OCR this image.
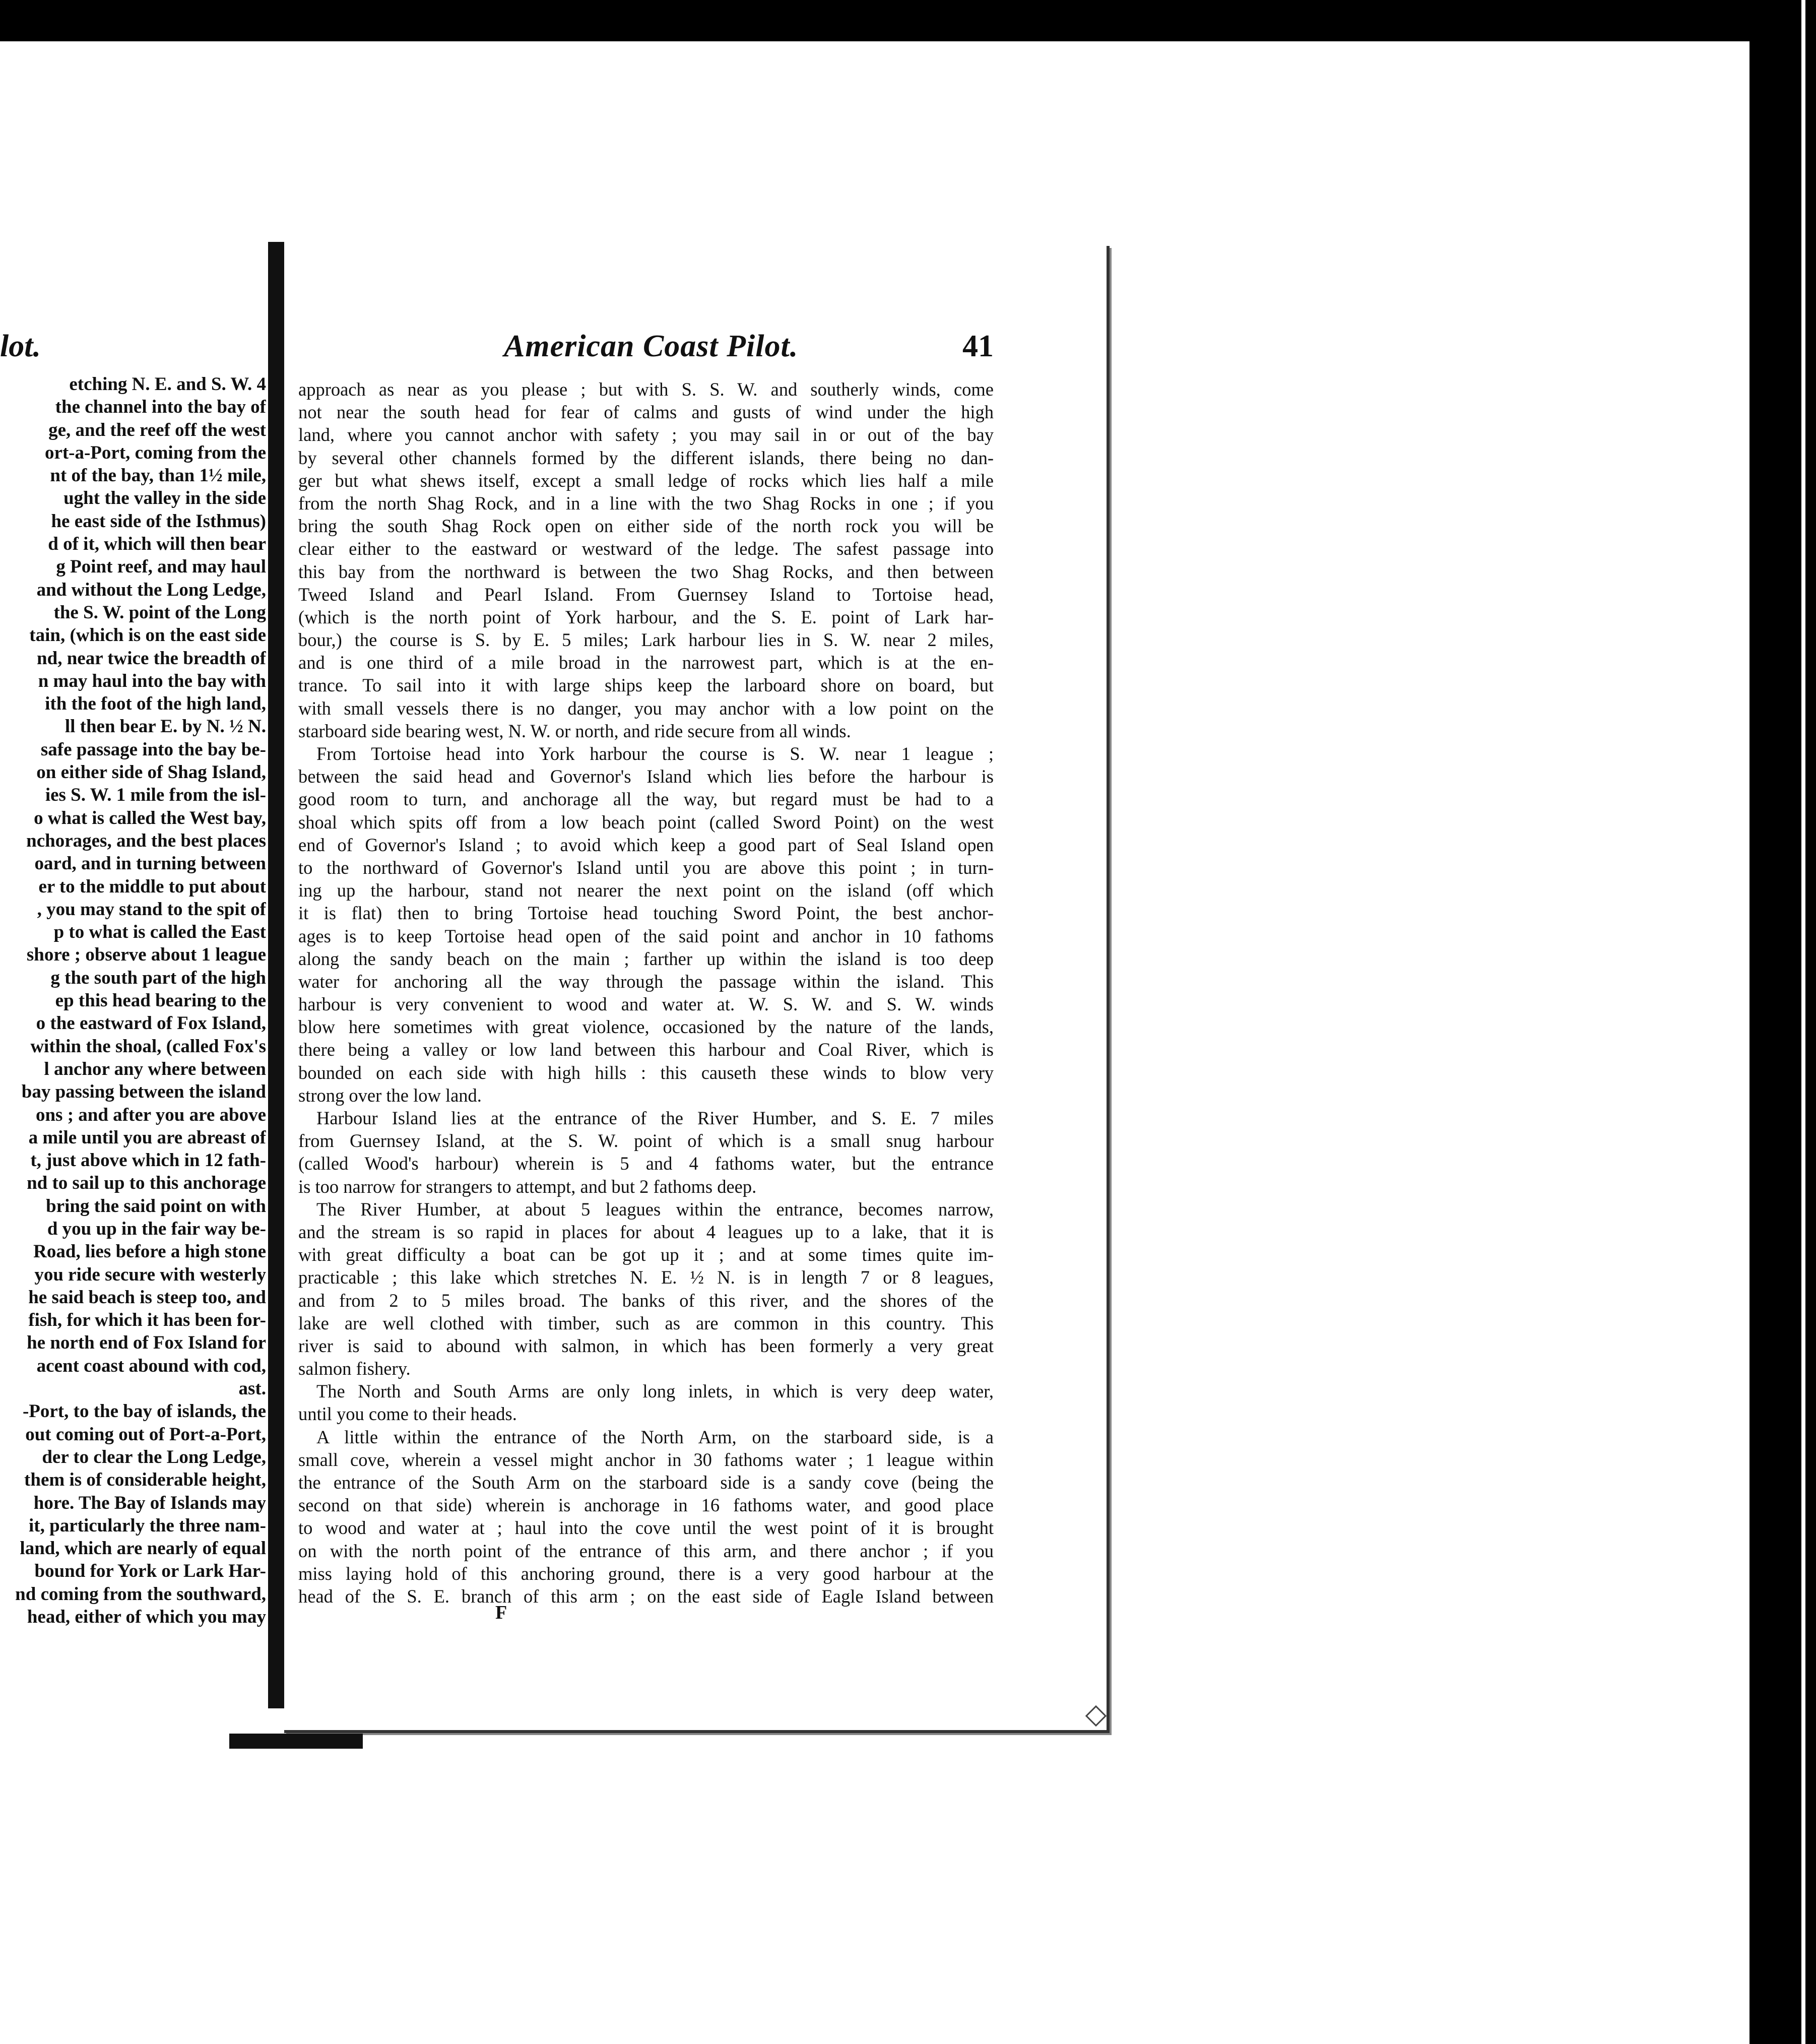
lot.	American Coast Pilot.	41
etching N. E. and S. W. 4
the channel into the bay of
ge, and the reef off the west
ort-a-Port, coming from the
nt of the bay, than 1½ mile,
ught the valley in the side
he east side of the Isthmus)
d of it, which will then bear
g Point reef, and may haul
and without the Long Ledge,
the S. W. point of the Long
tain, (which is on the east side
nd, near twice the breadth of
n may haul into the bay with
ith the foot of the high land,
ll then bear E. by N. ½ N.
safe passage into the bay be-
on either side of Shag Island,
ies S. W. 1 mile from the isl-
o what is called the West bay,
nchorages, and the best places
oard, and in turning between
er to the middle to put about
, you may stand to the spit of
p to what is called the East
shore ; observe about 1 league
g the south part of the high
ep this head bearing to the
o the eastward of Fox Island,
within the shoal, (called Fox's
l anchor any where between
bay passing between the island
ons ; and after you are above
a mile until you are abreast of
t, just above which in 12 fath-
nd to sail up to this anchorage
bring the said point on with
d you up in the fair way be-
Road, lies before a high stone
you ride secure with westerly
he said beach is steep too, and
fish, for which it has been for-
he north end of Fox Island for
acent coast abound with cod,
ast.
-Port, to the bay of islands, the
out coming out of Port-a-Port,
der to clear the Long Ledge,
them is of considerable height,
hore. The Bay of Islands may
it, particularly the three nam-
land, which are nearly of equal
bound for York or Lark Har-
nd coming from the southward,
head, either of which you may
approach as near as you please ; but with S. S. W. and southerly winds, come
not near the south head for fear of calms and gusts of wind under the high
land, where you cannot anchor with safety ; you may sail in or out of the bay
by several other channels formed by the different islands, there being no dan-
ger but what shews itself, except a small ledge of rocks which lies half a mile
from the north Shag Rock, and in a line with the two Shag Rocks in one ; if you
bring the south Shag Rock open on either side of the north rock you will be
clear either to the eastward or westward of the ledge. The safest passage into
this bay from the northward is between the two Shag Rocks, and then between
Tweed Island and Pearl Island. From Guernsey Island to Tortoise head,
(which is the north point of York harbour, and the S. E. point of Lark har-
bour,) the course is S. by E. 5 miles; Lark harbour lies in S. W. near 2 miles,
and is one third of a mile broad in the narrowest part, which is at the en-
trance. To sail into it with large ships keep the larboard shore on board, but
with small vessels there is no danger, you may anchor with a low point on the
starboard side bearing west, N. W. or north, and ride secure from all winds.
From Tortoise head into York harbour the course is S. W. near 1 league ;
between the said head and Governor's Island which lies before the harbour is
good room to turn, and anchorage all the way, but regard must be had to a
shoal which spits off from a low beach point (called Sword Point) on the west
end of Governor's Island ; to avoid which keep a good part of Seal Island open
to the northward of Governor's Island until you are above this point ; in turn-
ing up the harbour, stand not nearer the next point on the island (off which
it is flat) then to bring Tortoise head touching Sword Point, the best anchor-
ages is to keep Tortoise head open of the said point and anchor in 10 fathoms
along the sandy beach on the main ; farther up within the island is too deep
water for anchoring all the way through the passage within the island. This
harbour is very convenient to wood and water at. W. S. W. and S. W. winds
blow here sometimes with great violence, occasioned by the nature of the lands,
there being a valley or low land between this harbour and Coal River, which is
bounded on each side with high hills : this causeth these winds to blow very
strong over the low land.
Harbour Island lies at the entrance of the River Humber, and S. E. 7 miles
from Guernsey Island, at the S. W. point of which is a small snug harbour
(called Wood's harbour) wherein is 5 and 4 fathoms water, but the entrance
is too narrow for strangers to attempt, and but 2 fathoms deep.
The River Humber, at about 5 leagues within the entrance, becomes narrow,
and the stream is so rapid in places for about 4 leagues up to a lake, that it is
with great difficulty a boat can be got up it ; and at some times quite im-
practicable ; this lake which stretches N. E. ½ N. is in length 7 or 8 leagues,
and from 2 to 5 miles broad. The banks of this river, and the shores of the
lake are well clothed with timber, such as are common in this country. This
river is said to abound with salmon, in which has been formerly a very great
salmon fishery.
The North and South Arms are only long inlets, in which is very deep water,
until you come to their heads.
A little within the entrance of the North Arm, on the starboard side, is a
small cove, wherein a vessel might anchor in 30 fathoms water ; 1 league within
the entrance of the South Arm on the starboard side is a sandy cove (being the
second on that side) wherein is anchorage in 16 fathoms water, and good place
to wood and water at ; haul into the cove until the west point of it is brought
on with the north point of the entrance of this arm, and there anchor ; if you
miss laying hold of this anchoring ground, there is a very good harbour at the
head of the S. E. branch of this arm ; on the east side of Eagle Island between
F
